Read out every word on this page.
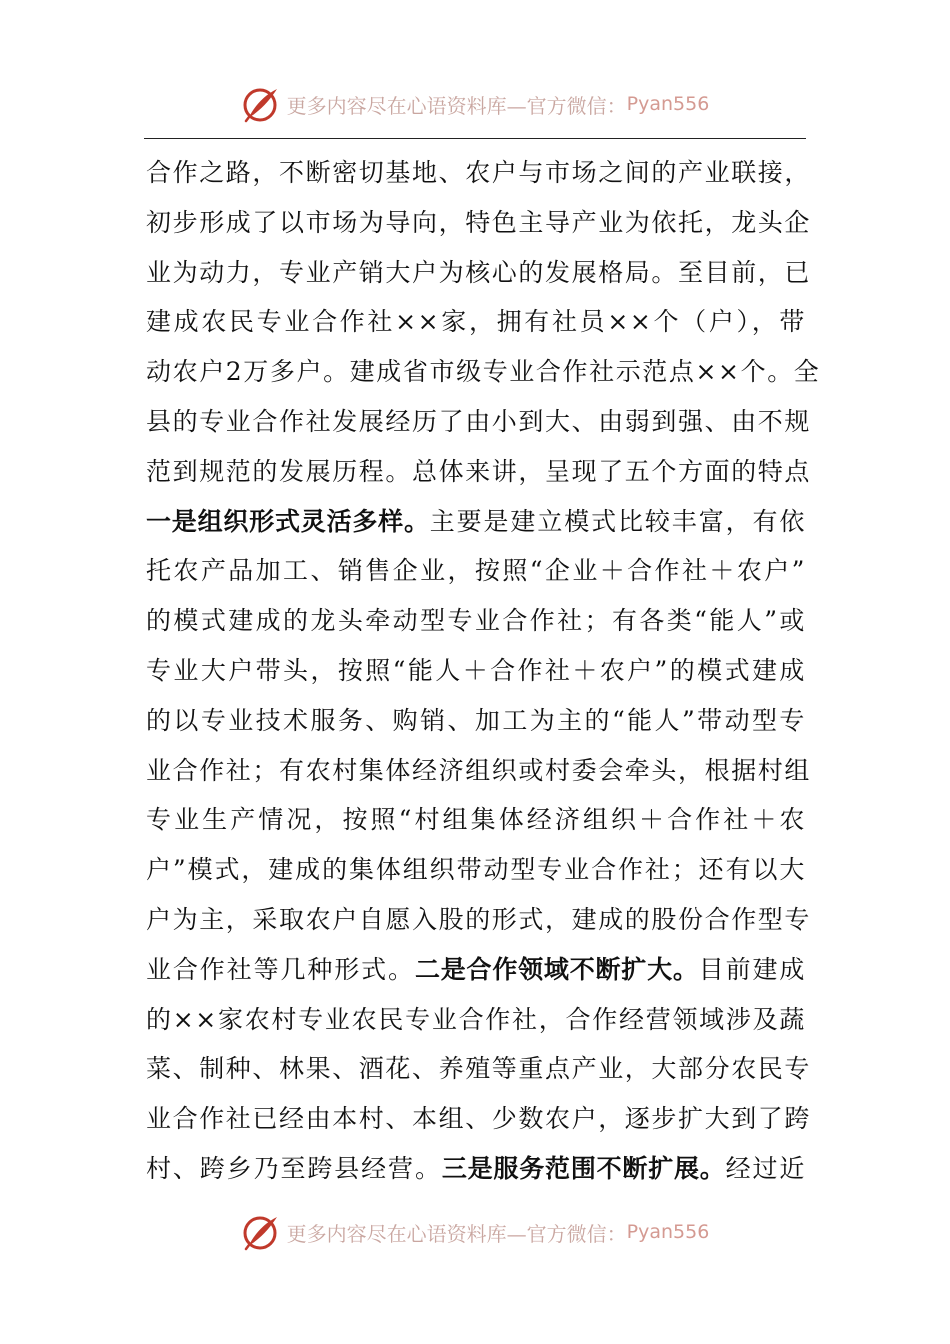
更多内容尽在心语资料库—官方微信： Pyan556
合作之路，不断密切基地、农户与市场之间的产业联接，
初步形成了以市场为导向，特色主导产业为依托，龙头企
业为动力，专业产销大户为核心的发展格局。至目前，已
建成农民专业合作社××家，拥有社员××个（户），带
动农户2万多户。建成省市级专业合作社示范点××个。全
县的专业合作社发展经历了由小到大、由弱到强、由不规
范到规范的发展历程。总体来讲，呈现了五个方面的特点
一是组织形式灵活多样。主要是建立模式比较丰富，有依
托农产品加工、销售企业，按照“企业＋合作社＋农户”
的模式建成的龙头牵动型专业合作社；有各类“能人”或
专业大户带头，按照“能人＋合作社＋农户”的模式建成
的以专业技术服务、购销、加工为主的“能人”带动型专
业合作社；有农村集体经济组织或村委会牵头，根据村组
专业生产情况，按照“村组集体经济组织＋合作社＋农
户”模式，建成的集体组织带动型专业合作社；还有以大
户为主，采取农户自愿入股的形式，建成的股份合作型专
业合作社等几种形式。二是合作领域不断扩大。目前建成
的××家农村专业农民专业合作社，合作经营领域涉及蔬
菜、制种、林果、酒花、养殖等重点产业，大部分农民专
业合作社已经由本村、本组、少数农户，逐步扩大到了跨
村、跨乡乃至跨县经营。三是服务范围不断扩展。经过近
更多内容尽在心语资料库—官方微信： Pyan556
